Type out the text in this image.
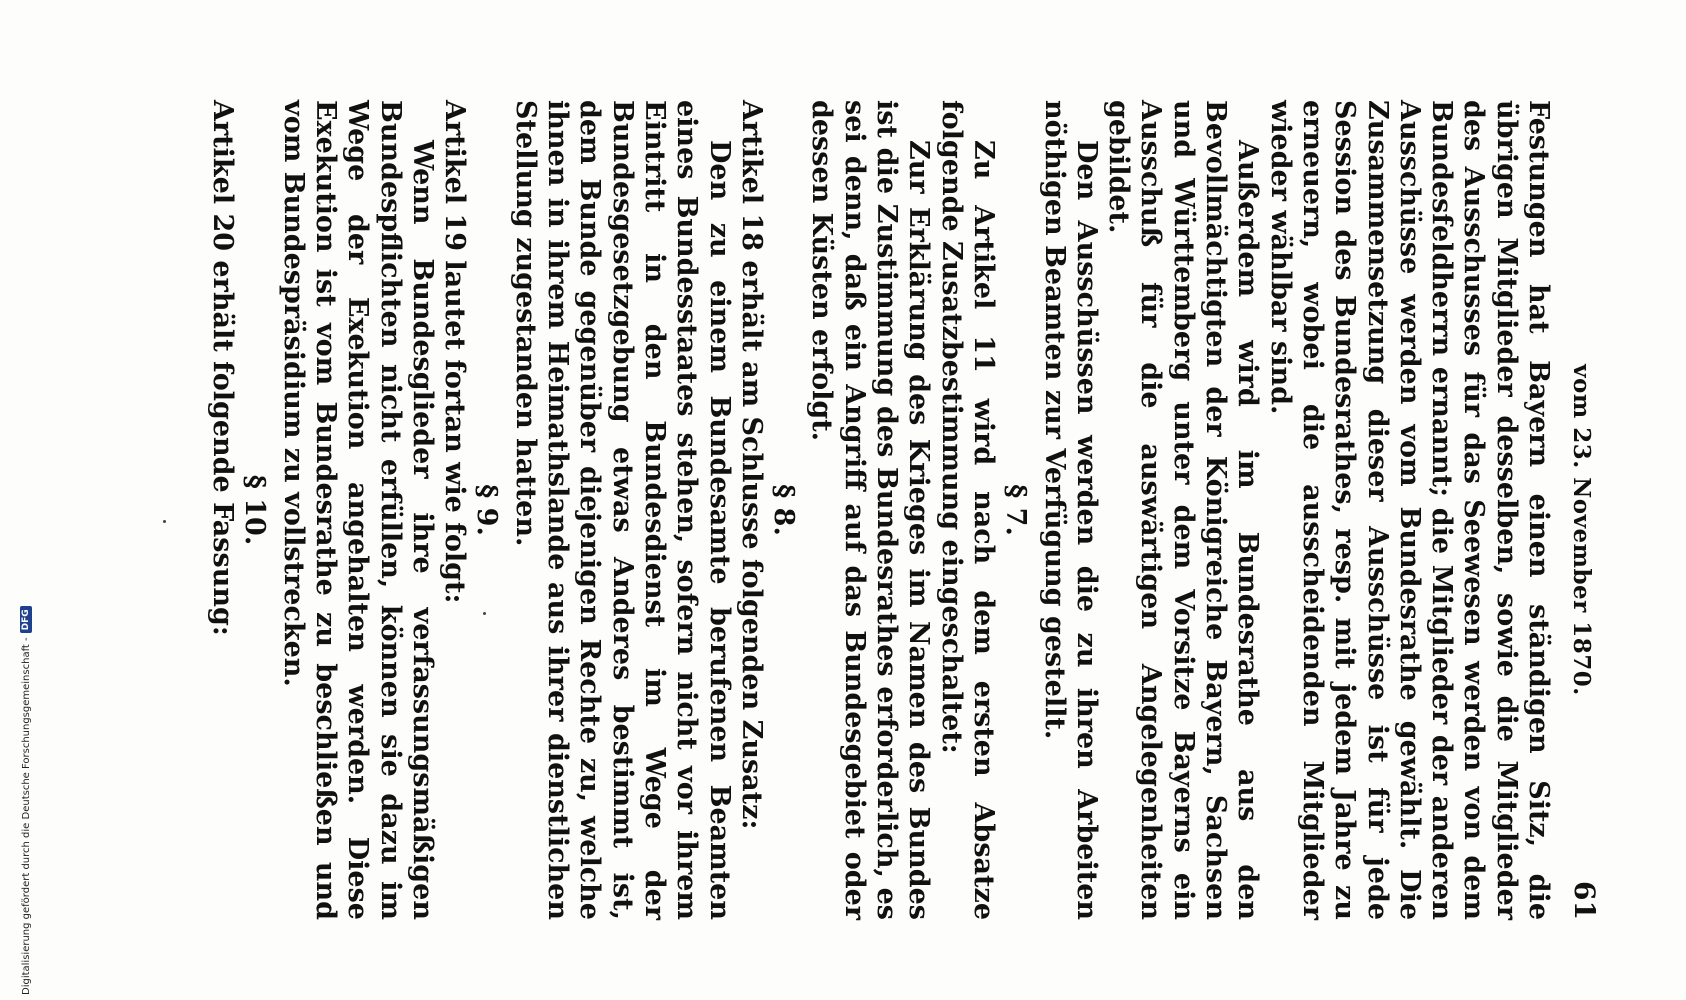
vom 23. November 1870.
61

Festungen hat Bayern einen ständigen Sitz, die übrigen Mitglieder desselben, sowie die Mitglieder des Ausschusses für das Seewesen werden von dem Bundesfeldherrn ernannt; die Mitglieder der anderen Ausschüsse werden vom Bundesrathe gewählt. Die Zusammensetzung dieser Ausschüsse ist für jede Session des Bundesrathes, resp. mit jedem Jahre zu erneuern, wobei die ausscheidenden Mitglieder wieder wählbar sind.

Außerdem wird im Bundesrathe aus den Bevollmächtigten der Königreiche Bayern, Sachsen und Württemberg unter dem Vorsitze Bayerns ein Ausschuß für die auswärtigen Angelegenheiten gebildet.

Den Ausschüssen werden die zu ihren Arbeiten nöthigen Beamten zur Verfügung gestellt.

§ 7.

Zu Artikel 11 wird nach dem ersten Absatze folgende Zusatzbestimmung eingeschaltet:

Zur Erklärung des Krieges im Namen des Bundes ist die Zustimmung des Bundesrathes erforderlich, es sei denn, daß ein Angriff auf das Bundesgebiet oder dessen Küsten erfolgt.

§ 8.

Artikel 18 erhält am Schlusse folgenden Zusatz:

Den zu einem Bundesamte berufenen Beamten eines Bundesstaates stehen, sofern nicht vor ihrem Eintritt in den Bundesdienst im Wege der Bundesgesetzgebung etwas Anderes bestimmt ist, dem Bunde gegenüber diejenigen Rechte zu, welche ihnen in ihrem Heimathslande aus ihrer dienstlichen Stellung zugestanden hatten.

§ 9.

Artikel 19 lautet fortan wie folgt:

Wenn Bundesglieder ihre verfassungsmäßigen Bundespflichten nicht erfüllen, können sie dazu im Wege der Exekution angehalten werden. Diese Exekution ist vom Bundesrathe zu beschließen und vom Bundespräsidium zu vollstrecken.

§ 10.

Artikel 20 erhält folgende Fassung:

Digitalisierung gefördert durch die Deutsche Forschungsgemeinschaft -
DFG
